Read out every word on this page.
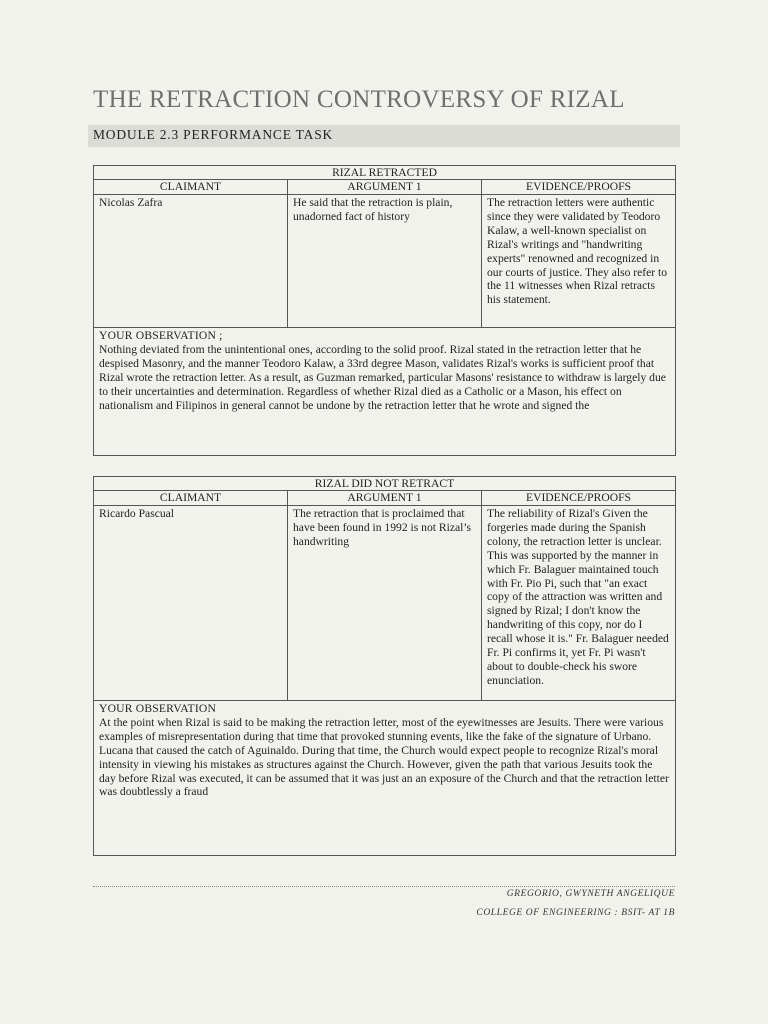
THE RETRACTION CONTROVERSY OF RIZAL
MODULE 2.3 PERFORMANCE TASK
RIZAL RETRACTED		
CLAIMANT	ARGUMENT 1	EVIDENCE/PROOFS
Nicolas Zafra	He said that the retraction is plain, unadorned fact of history	The retraction letters were authentic since they were validated by Teodoro Kalaw, a well-known specialist on Rizal's writings and "handwriting experts" renowned and recognized in our courts of justice. They also refer to the 11 witnesses when Rizal retracts his statement.

YOUR OBSERVATION ;
Nothing deviated from the unintentional ones, according to the solid proof. Rizal stated in the retraction letter that he despised Masonry, and the manner Teodoro Kalaw, a 33rd degree Mason, validates Rizal's works is sufficient proof that Rizal wrote the retraction letter. As a result, as Guzman remarked, particular Masons' resistance to withdraw is largely due to their uncertainties and determination. Regardless of whether Rizal died as a Catholic or a Mason, his effect on nationalism and Filipinos in general cannot be undone by the retraction letter that he wrote and signed the		
RIZAL DID NOT RETRACT		
CLAIMANT	ARGUMENT 1	EVIDENCE/PROOFS
Ricardo Pascual	The retraction that is proclaimed that have been found in 1992 is not Rizal’s handwriting	The reliability of Rizal's Given the forgeries made during the Spanish colony, the retraction letter is unclear. This was supported by the manner in which Fr. Balaguer maintained touch with Fr. Pio Pi, such that "an exact copy of the attraction was written and signed by Rizal; I don't know the handwriting of this copy, nor do I recall whose it is." Fr. Balaguer needed Fr. Pi confirms it, yet Fr. Pi wasn't about to double-check his swore enunciation.

YOUR OBSERVATION
At the point when Rizal is said to be making the retraction letter, most of the eyewitnesses are Jesuits. There were various examples of misrepresentation during that time that provoked stunning events, like the fake of the signature of Urbano. Lucana that caused the catch of Aguinaldo. During that time, the Church would expect people to recognize Rizal's moral intensity in viewing his mistakes as structures against the Church. However, given the path that various Jesuits took the day before Rizal was executed, it can be assumed that it was just an an exposure of the Church and that the retraction letter was doubtlessly a fraud		
GREGORIO, GWYNETH ANGELIQUE
COLLEGE OF ENGINEERING : BSIT- AT 1B
